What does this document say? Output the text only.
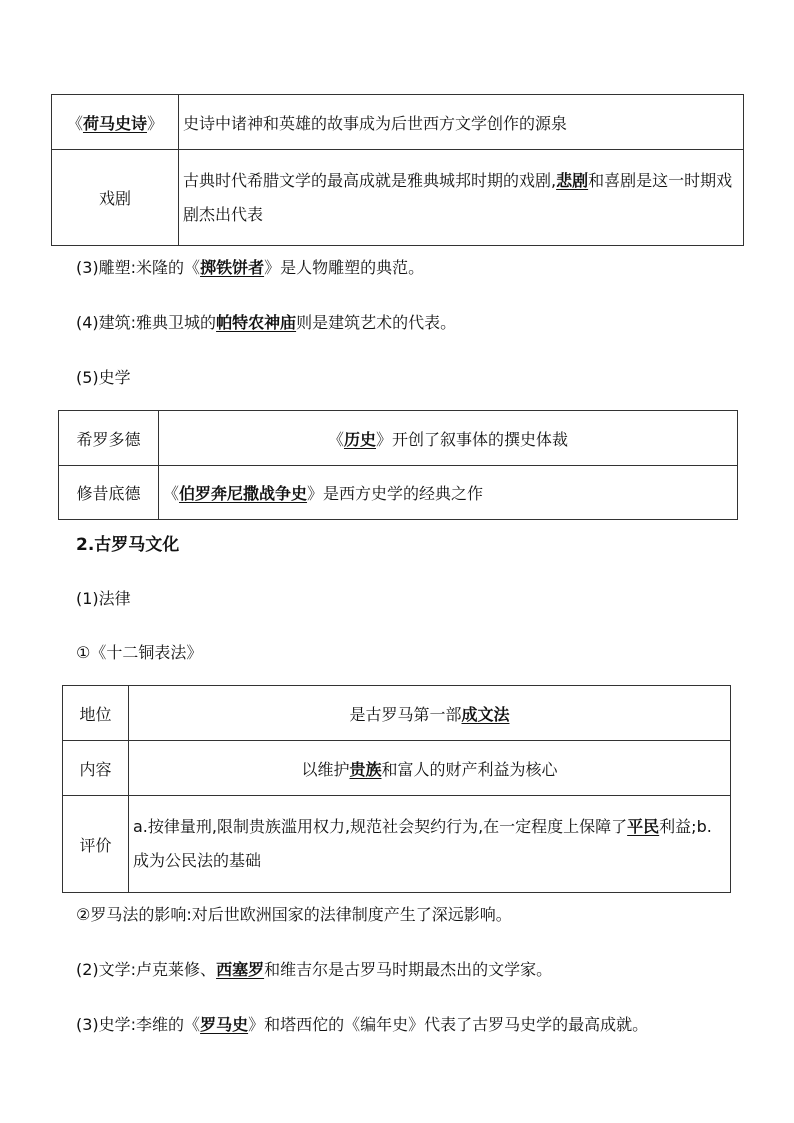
《荷马史诗》	史诗中诸神和英雄的故事成为后世西方文学创作的源泉
戏剧	古典时代希腊文学的最高成就是雅典城邦时期的戏剧,悲剧和喜剧是这一时期戏剧杰出代表
(3)雕塑:米隆的《掷铁饼者》是人物雕塑的典范。
(4)建筑:雅典卫城的帕特农神庙则是建筑艺术的代表。
(5)史学
希罗多德	《历史》开创了叙事体的撰史体裁
修昔底德	《伯罗奔尼撒战争史》是西方史学的经典之作
2.古罗马文化
(1)法律
①《十二铜表法》
地位	是古罗马第一部成文法
内容	以维护贵族和富人的财产利益为核心
评价	a.按律量刑,限制贵族滥用权力,规范社会契约行为,在一定程度上保障了平民利益;b.成为公民法的基础
②罗马法的影响:对后世欧洲国家的法律制度产生了深远影响。
(2)文学:卢克莱修、西塞罗和维吉尔是古罗马时期最杰出的文学家。
(3)史学:李维的《罗马史》和塔西佗的《编年史》代表了古罗马史学的最高成就。
